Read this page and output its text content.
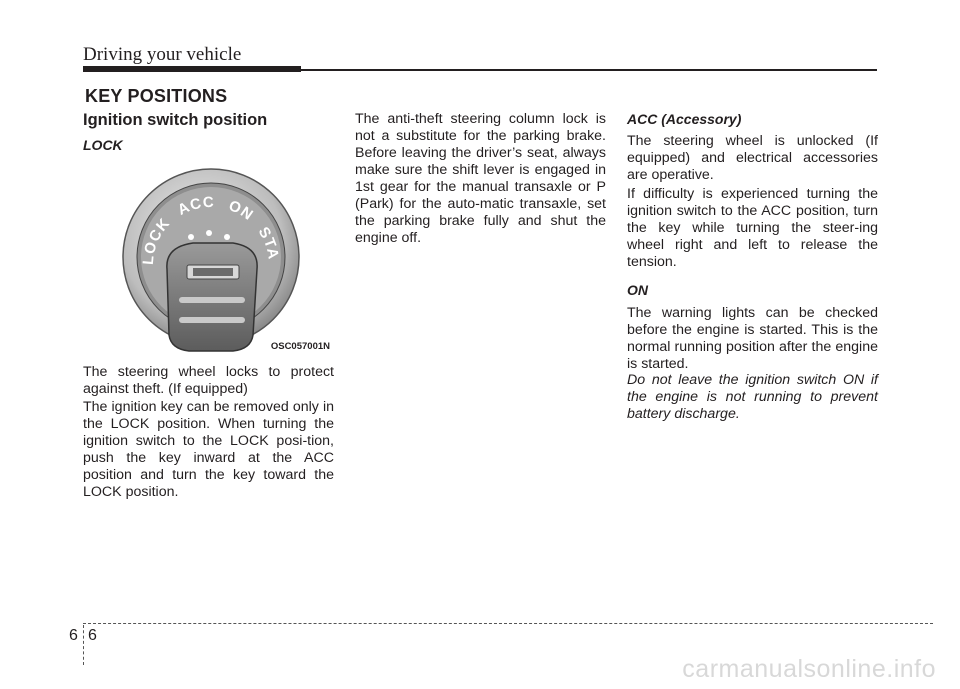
Driving your vehicle
KEY POSITIONS
Ignition switch position
LOCK
LOCK ACC ON STA
OSC057001N
The steering wheel locks to protect against theft. (If equipped)
The ignition key can be removed only in the LOCK position. When turning the ignition switch to the LOCK posi-tion, push the key inward at the ACC position and turn the key toward the LOCK position.
The anti-theft steering column lock is not a substitute for the parking brake. Before leaving the driver’s seat, always make sure the shift lever is engaged in 1st gear for the manual transaxle or P (Park) for the auto-matic transaxle, set the parking brake fully and shut the engine off.
ACC (Accessory)
The steering wheel is unlocked (If equipped) and electrical accessories are operative.
If difficulty is experienced turning the ignition switch to the ACC position, turn the key while turning the steer-ing wheel right and left to release the tension.
ON
The warning lights can be checked before the engine is started. This is the normal running position after the engine is started.
Do not leave the ignition switch ON if the engine is not running to prevent battery discharge.
6 6
carmanualsonline.info
